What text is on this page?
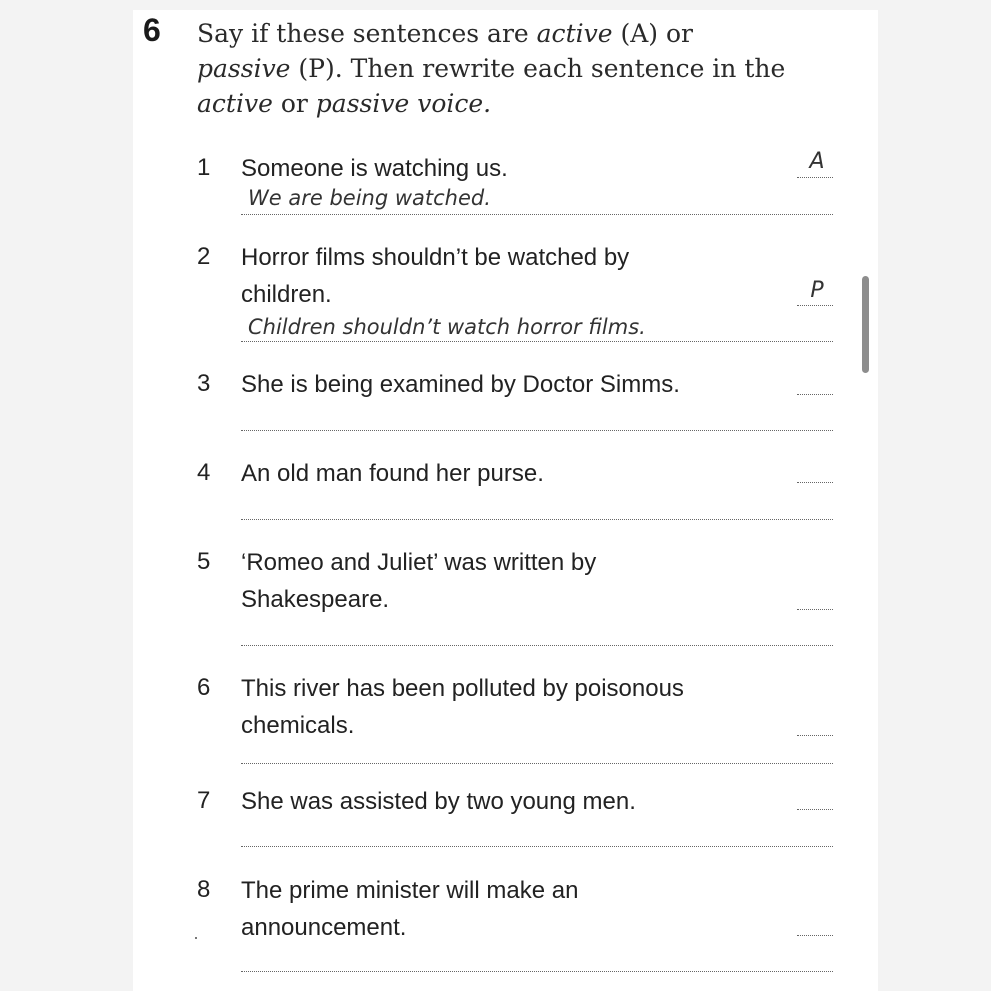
6 Say if these sentences are active (A) or
passive (P). Then rewrite each sentence in the active or passive voice.

1 Someone is watching us.	A
We are being watched.
2 Horror films shouldn’t be watched by
children.	P
Children shouldn’t watch horror films.
3 She is being examined by Doctor Simms.
4 An old man found her purse.
5 ‘Romeo and Juliet’ was written by
Shakespeare.
6 This river has been polluted by poisonous
chemicals.
7 She was assisted by two young men.
8 The prime minister will make an
announcement.
